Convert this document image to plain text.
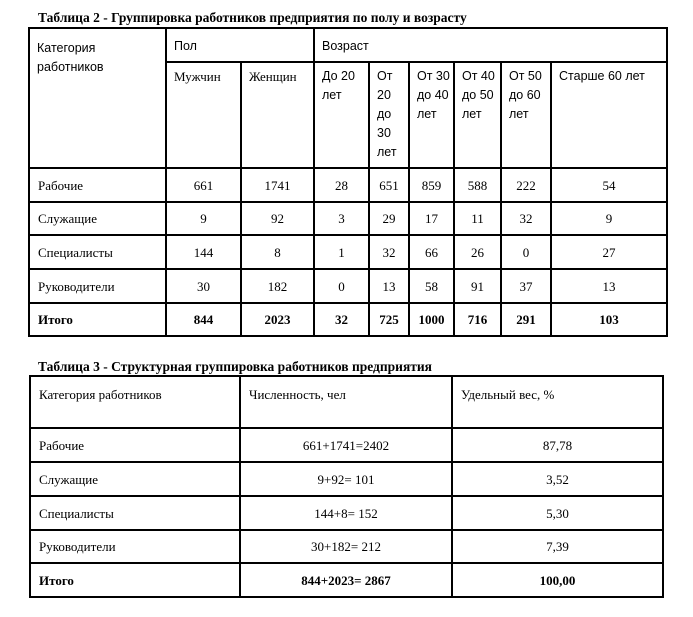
Таблица 2 - Группировка работников предприятия по полу и возрасту
Категория работников	Пол		Возраст					
	Мужчин	Женщин	До 20 лет	От 20 до 30 лет	От 30 до 40 лет	От 40 до 50 лет	От 50 до 60 лет	Старше 60 лет
Рабочие	661	1741	28	651	859	588	222	54
Служащие	9	92	3	29	17	11	32	9
Специалисты	144	8	1	32	66	26	0	27
Руководители	30	182	0	13	58	91	37	13
Итого	844	2023	32	725	1000	716	291	103
Таблица 3 - Структурная группировка работников предприятия
Категория работников	Численность, чел	Удельный вес, %
Рабочие	661+1741=2402	87,78
Служащие	9+92= 101	3,52
Специалисты	144+8= 152	5,30
Руководители	30+182= 212	7,39
Итого	844+2023= 2867	100,00
